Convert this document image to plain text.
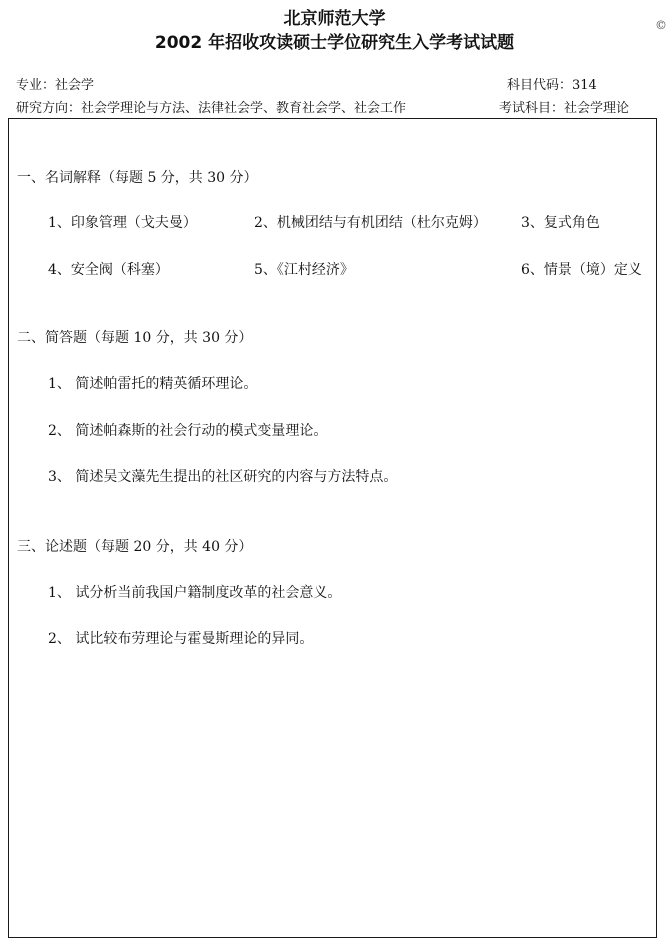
北京师范大学
2002 年招收攻读硕士学位研究生入学考试试题
专业：社会学	科目代码：314
研究方向：社会学理论与方法、法律社会学、教育社会学、社会工作	考试科目：社会学理论
©
一、名词解释（每题 5 分，共 30 分）
1、印象管理（戈夫曼）	2、机械团结与有机团结（杜尔克姆） 3、复式角色
4、安全阀（科塞）	5、《江村经济》	6、情景（境）定义
二、简答题（每题 10 分，共 30 分）
1、 简述帕雷托的精英循环理论。
2、 简述帕森斯的社会行动的模式变量理论。
3、 简述吴文藻先生提出的社区研究的内容与方法特点。
三、论述题（每题 20 分，共 40 分）
1、 试分析当前我国户籍制度改革的社会意义。
2、 试比较布劳理论与霍曼斯理论的异同。
